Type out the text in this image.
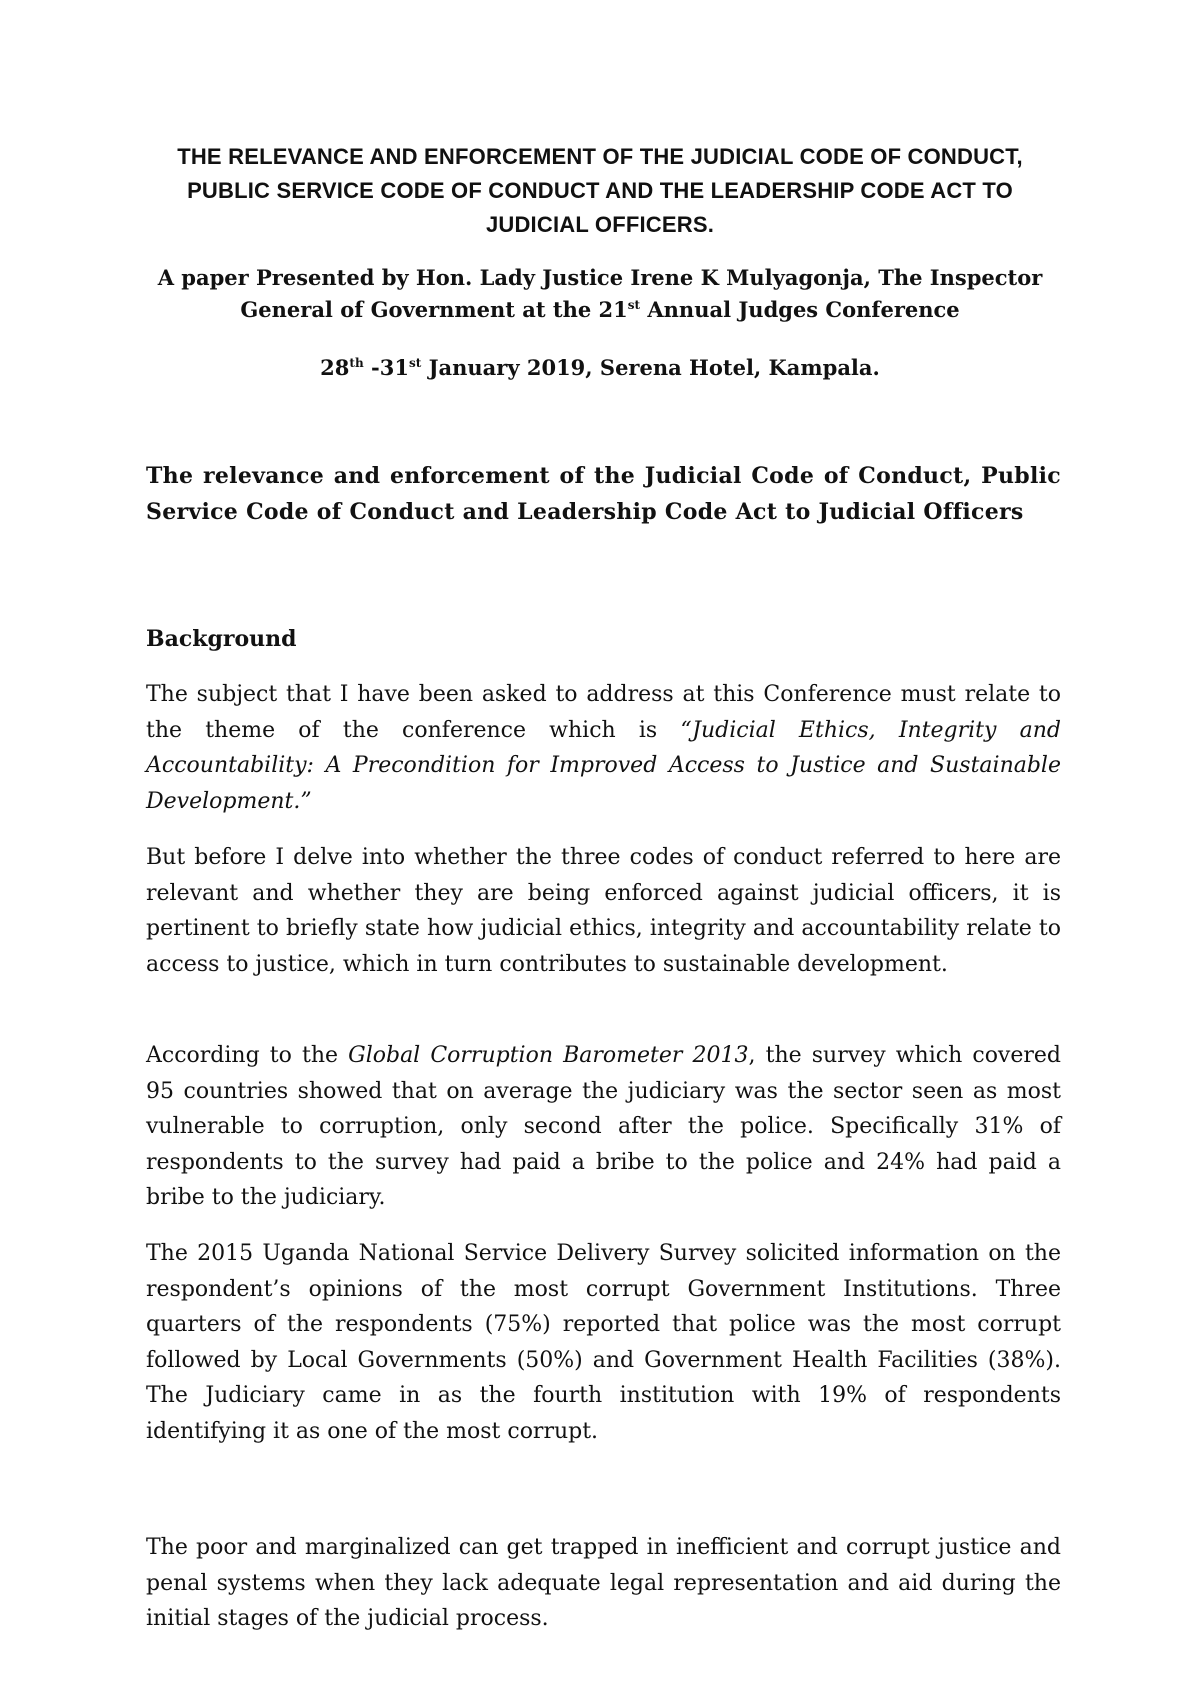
THE RELEVANCE AND ENFORCEMENT OF THE JUDICIAL CODE OF CONDUCT, PUBLIC SERVICE CODE OF CONDUCT AND THE LEADERSHIP CODE ACT TO JUDICIAL OFFICERS.

A paper Presented by Hon. Lady Justice Irene K Mulyagonja, The Inspector General of Government at the 21st Annual Judges Conference

28th -31st January 2019, Serena Hotel, Kampala.

The relevance and enforcement of the Judicial Code of Conduct, Public Service Code of Conduct and Leadership Code Act to Judicial Officers
Background

The subject that I have been asked to address at this Conference must relate to the theme of the conference which is “Judicial Ethics, Integrity and Accountability: A Precondition for Improved Access to Justice and Sustainable Development.”

But before I delve into whether the three codes of conduct referred to here are relevant and whether they are being enforced against judicial officers, it is pertinent to briefly state how judicial ethics, integrity and accountability relate to access to justice, which in turn contributes to sustainable development.

According to the Global Corruption Barometer 2013, the survey which covered 95 countries showed that on average the judiciary was the sector seen as most vulnerable to corruption, only second after the police. Specifically 31% of respondents to the survey had paid a bribe to the police and 24% had paid a bribe to the judiciary.

The 2015 Uganda National Service Delivery Survey solicited information on the respondent’s opinions of the most corrupt Government Institutions. Three quarters of the respondents (75%) reported that police was the most corrupt followed by Local Governments (50%) and Government Health Facilities (38%). The Judiciary came in as the fourth institution with 19% of respondents identifying it as one of the most corrupt.

The poor and marginalized can get trapped in inefficient and corrupt justice and penal systems when they lack adequate legal representation and aid during the initial stages of the judicial process.
